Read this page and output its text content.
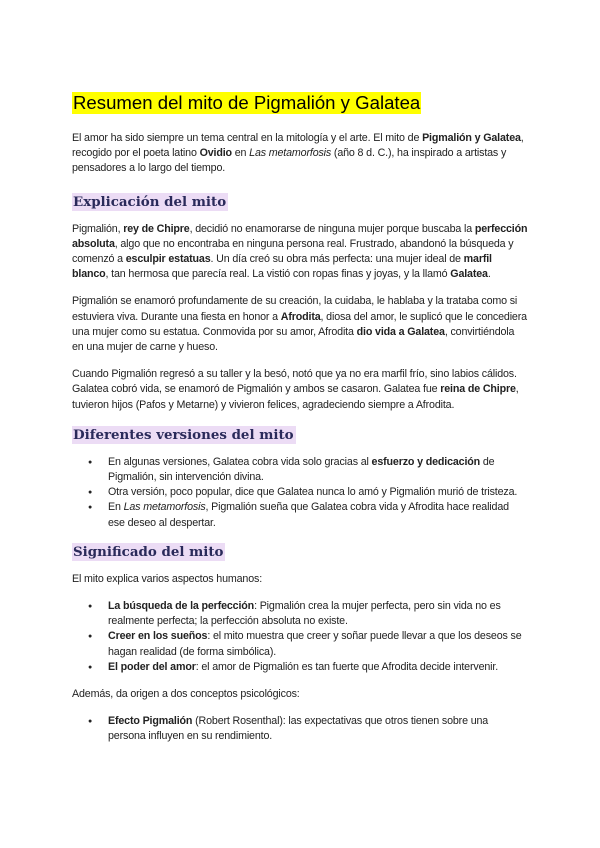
Resumen del mito de Pigmalión y Galatea

El amor ha sido siempre un tema central en la mitología y el arte. El mito de Pigmalión y Galatea, recogido por el poeta latino Ovidio en Las metamorfosis (año 8 d. C.), ha inspirado a artistas y pensadores a lo largo del tiempo.

Explicación del mito

Pigmalión, rey de Chipre, decidió no enamorarse de ninguna mujer porque buscaba la perfección absoluta, algo que no encontraba en ninguna persona real. Frustrado, abandonó la búsqueda y comenzó a esculpir estatuas. Un día creó su obra más perfecta: una mujer ideal de marfil blanco, tan hermosa que parecía real. La vistió con ropas finas y joyas, y la llamó Galatea.

Pigmalión se enamoró profundamente de su creación, la cuidaba, le hablaba y la trataba como si estuviera viva. Durante una fiesta en honor a Afrodita, diosa del amor, le suplicó que le concediera una mujer como su estatua. Conmovida por su amor, Afrodita dio vida a Galatea, convirtiéndola en una mujer de carne y hueso.

Cuando Pigmalión regresó a su taller y la besó, notó que ya no era marfil frío, sino labios cálidos. Galatea cobró vida, se enamoró de Pigmalión y ambos se casaron. Galatea fue reina de Chipre, tuvieron hijos (Pafos y Metarne) y vivieron felices, agradeciendo siempre a Afrodita.

Diferentes versiones del mito
● En algunas versiones, Galatea cobra vida solo gracias al esfuerzo y dedicación de Pigmalión, sin intervención divina.
● Otra versión, poco popular, dice que Galatea nunca lo amó y Pigmalión murió de tristeza.
● En Las metamorfosis, Pigmalión sueña que Galatea cobra vida y Afrodita hace realidad ese deseo al despertar.
Significado del mito

El mito explica varios aspectos humanos:

● La búsqueda de la perfección: Pigmalión crea la mujer perfecta, pero sin vida no es realmente perfecta; la perfección absoluta no existe.
● Creer en los sueños: el mito muestra que creer y soñar puede llevar a que los deseos se hagan realidad (de forma simbólica).
● El poder del amor: el amor de Pigmalión es tan fuerte que Afrodita decide intervenir.

Además, da origen a dos conceptos psicológicos:

● Efecto Pigmalión (Robert Rosenthal): las expectativas que otros tienen sobre una persona influyen en su rendimiento.
